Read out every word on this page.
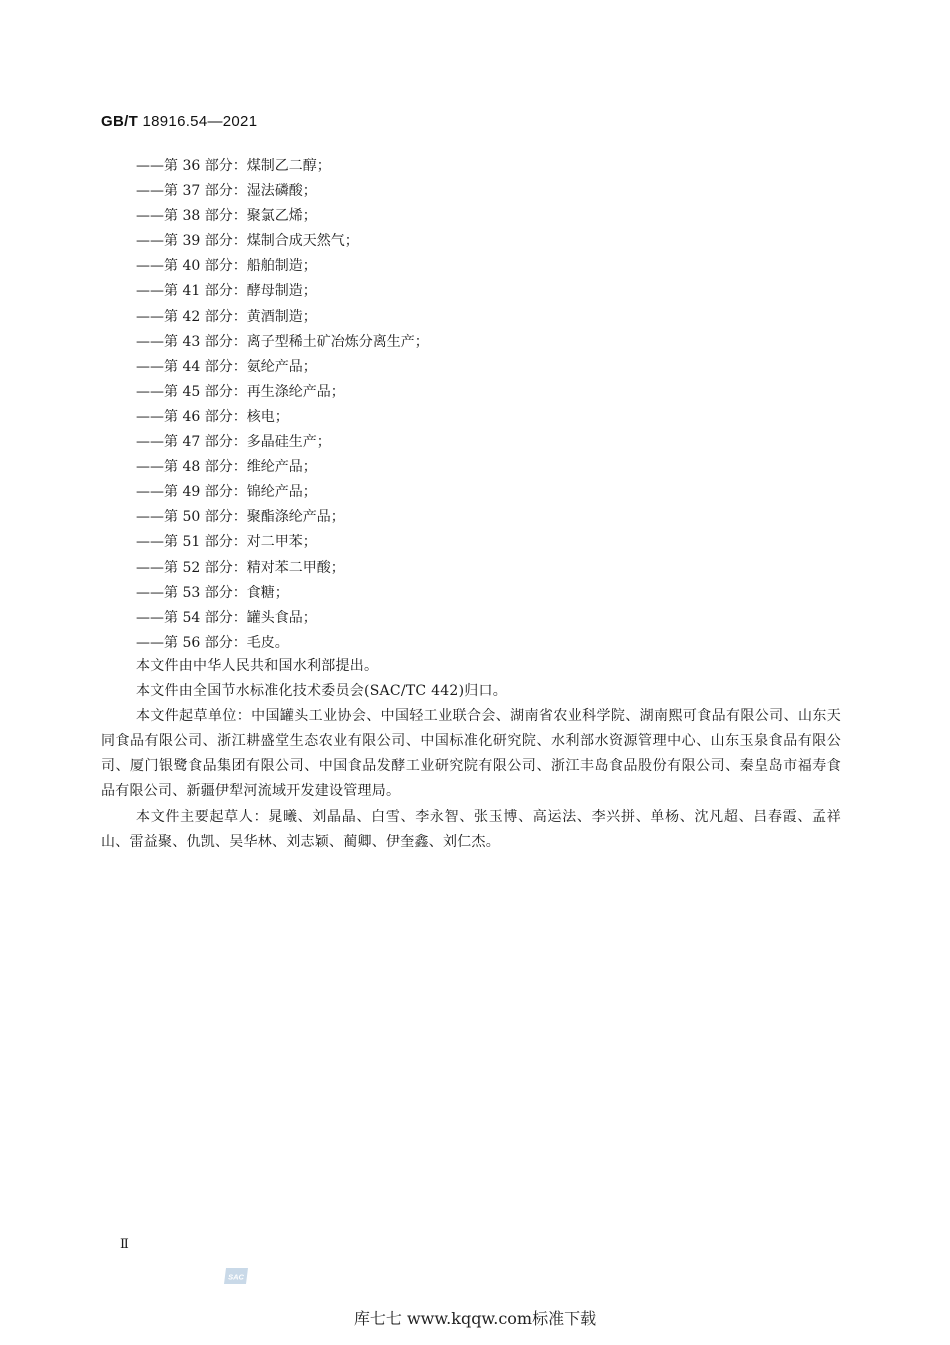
GB/T 18916.54—2021
——第 36 部分：煤制乙二醇；
——第 37 部分：湿法磷酸；
——第 38 部分：聚氯乙烯；
——第 39 部分：煤制合成天然气；
——第 40 部分：船舶制造；
——第 41 部分：酵母制造；
——第 42 部分：黄酒制造；
——第 43 部分：离子型稀土矿冶炼分离生产；
——第 44 部分：氨纶产品；
——第 45 部分：再生涤纶产品；
——第 46 部分：核电；
——第 47 部分：多晶硅生产；
——第 48 部分：维纶产品；
——第 49 部分：锦纶产品；
——第 50 部分：聚酯涤纶产品；
——第 51 部分：对二甲苯；
——第 52 部分：精对苯二甲酸；
——第 53 部分：食糖；
——第 54 部分：罐头食品；
——第 56 部分：毛皮。

本文件由中华人民共和国水利部提出。

本文件由全国节水标准化技术委员会(SAC/TC 442)归口。

本文件起草单位：中国罐头工业协会、中国轻工业联合会、湖南省农业科学院、湖南熙可食品有限公司、山东天同食品有限公司、浙江耕盛堂生态农业有限公司、中国标准化研究院、水利部水资源管理中心、山东玉泉食品有限公司、厦门银鹭食品集团有限公司、中国食品发酵工业研究院有限公司、浙江丰岛食品股份有限公司、秦皇岛市福寿食品有限公司、新疆伊犁河流域开发建设管理局。

本文件主要起草人：晁曦、刘晶晶、白雪、李永智、张玉博、高运法、李兴拼、单杨、沈凡超、吕春霞、孟祥山、雷益聚、仇凯、吴华林、刘志颖、蔺卿、伊奎鑫、刘仁杰。

Ⅱ
SAC
库七七 www.kqqw.com标准下载
